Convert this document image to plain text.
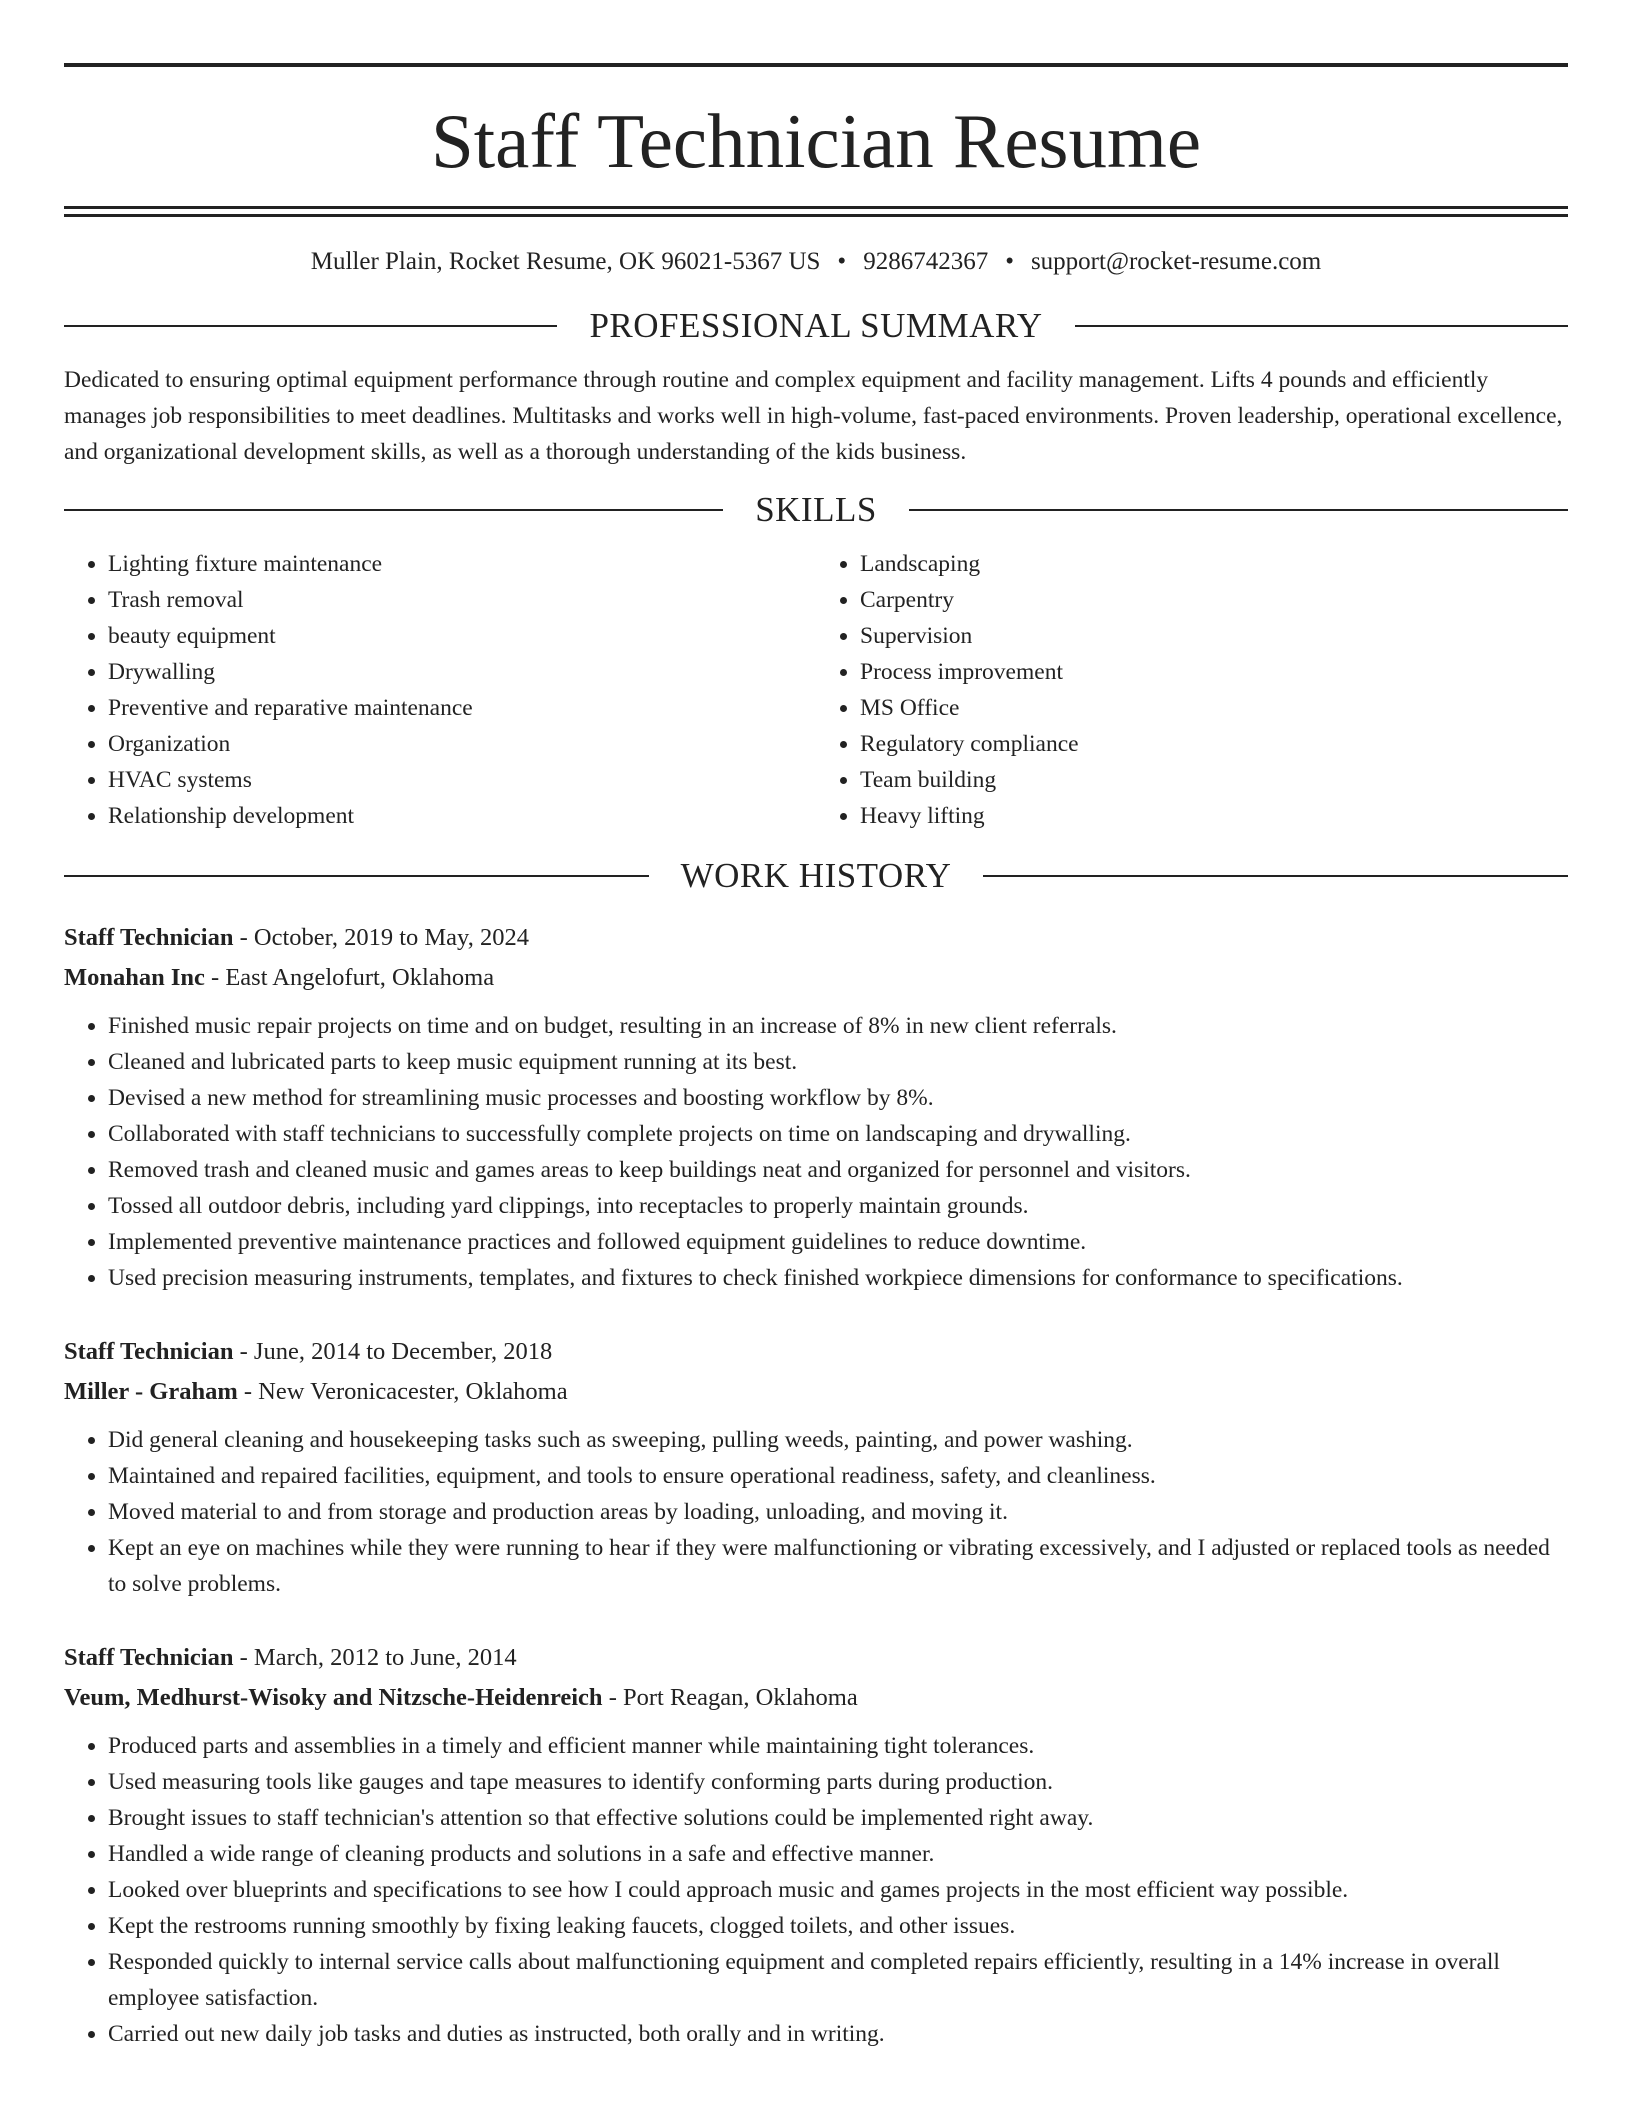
Staff Technician Resume
Muller Plain, Rocket Resume, OK 96021-5367 US • 9286742367 • support@rocket-resume.com
PROFESSIONAL SUMMARY
Dedicated to ensuring optimal equipment performance through routine and complex equipment and facility management. Lifts 4 pounds and efficiently manages job responsibilities to meet deadlines. Multitasks and works well in high-volume, fast-paced environments. Proven leadership, operational excellence, and organizational development skills, as well as a thorough understanding of the kids business.
SKILLS
• Lighting fixture maintenance
• Trash removal
• beauty equipment
• Drywalling
• Preventive and reparative maintenance
• Organization
• HVAC systems
• Relationship development
• Landscaping
• Carpentry
• Supervision
• Process improvement
• MS Office
• Regulatory compliance
• Team building
• Heavy lifting
WORK HISTORY
Staff Technician - October, 2019 to May, 2024
Monahan Inc - East Angelofurt, Oklahoma
• Finished music repair projects on time and on budget, resulting in an increase of 8% in new client referrals.
• Cleaned and lubricated parts to keep music equipment running at its best.
• Devised a new method for streamlining music processes and boosting workflow by 8%.
• Collaborated with staff technicians to successfully complete projects on time on landscaping and drywalling.
• Removed trash and cleaned music and games areas to keep buildings neat and organized for personnel and visitors.
• Tossed all outdoor debris, including yard clippings, into receptacles to properly maintain grounds.
• Implemented preventive maintenance practices and followed equipment guidelines to reduce downtime.
• Used precision measuring instruments, templates, and fixtures to check finished workpiece dimensions for conformance to specifications.
Staff Technician - June, 2014 to December, 2018
Miller - Graham - New Veronicacester, Oklahoma
• Did general cleaning and housekeeping tasks such as sweeping, pulling weeds, painting, and power washing.
• Maintained and repaired facilities, equipment, and tools to ensure operational readiness, safety, and cleanliness.
• Moved material to and from storage and production areas by loading, unloading, and moving it.
• Kept an eye on machines while they were running to hear if they were malfunctioning or vibrating excessively, and I adjusted or replaced tools as needed to solve problems.
Staff Technician - March, 2012 to June, 2014
Veum, Medhurst-Wisoky and Nitzsche-Heidenreich - Port Reagan, Oklahoma
• Produced parts and assemblies in a timely and efficient manner while maintaining tight tolerances.
• Used measuring tools like gauges and tape measures to identify conforming parts during production.
• Brought issues to staff technician's attention so that effective solutions could be implemented right away.
• Handled a wide range of cleaning products and solutions in a safe and effective manner.
• Looked over blueprints and specifications to see how I could approach music and games projects in the most efficient way possible.
• Kept the restrooms running smoothly by fixing leaking faucets, clogged toilets, and other issues.
• Responded quickly to internal service calls about malfunctioning equipment and completed repairs efficiently, resulting in a 14% increase in overall employee satisfaction.
• Carried out new daily job tasks and duties as instructed, both orally and in writing.
